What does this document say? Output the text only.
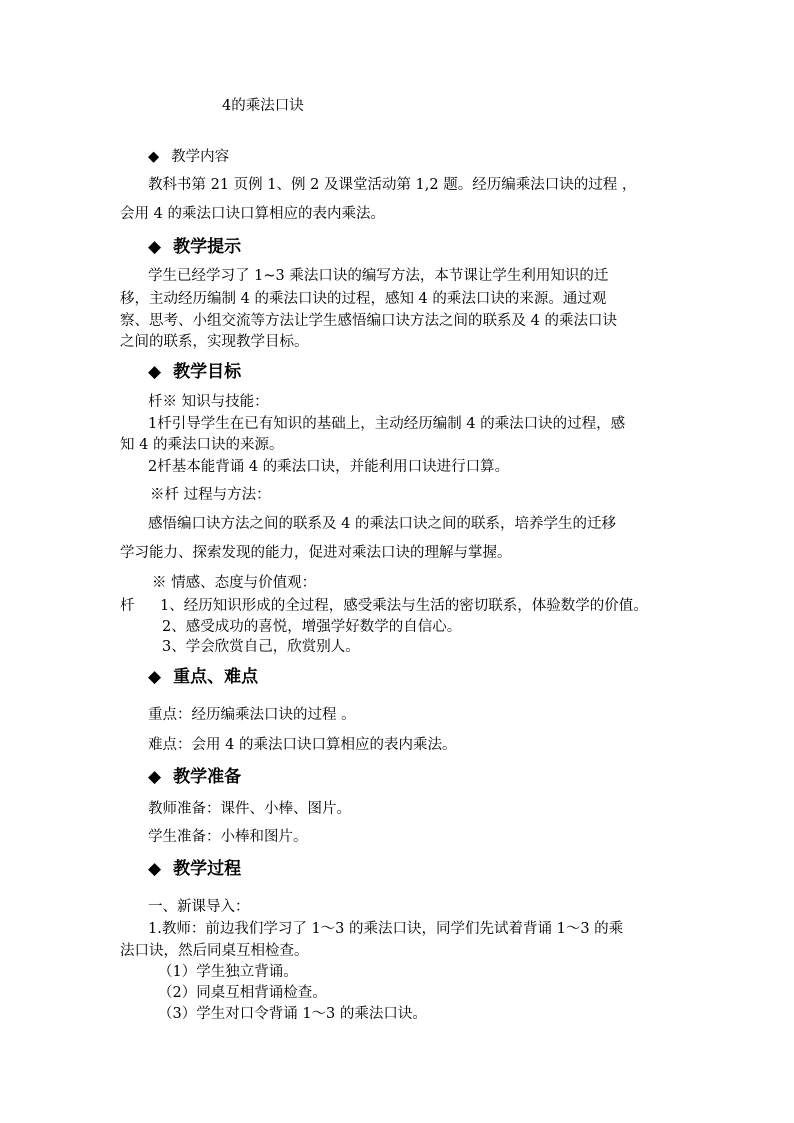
4的乘法口诀
◆ 教学内容
教科书第 21 页例 1、例 2 及课堂活动第 1,2 题。经历编乘法口诀的过程 ，
会用 4 的乘法口诀口算相应的表内乘法。
◆ 教学提示
学生已经学习了 1~3 乘法口诀的编写方法，本节课让学生利用知识的迁
移，主动经历编制 4 的乘法口诀的过程，感知 4 的乘法口诀的来源。通过观
察、思考、小组交流等方法让学生感悟编口诀方法之间的联系及 4 的乘法口诀
之间的联系，实现教学目标。
◆ 教学目标
杄※ 知识与技能：
1杄引导学生在已有知识的基础上，主动经历编制 4 的乘法口诀的过程，感
知 4 的乘法口诀的来源。
2杄基本能背诵 4 的乘法口诀，并能利用口诀进行口算。
※杄 过程与方法：
感悟编口诀方法之间的联系及 4 的乘法口诀之间的联系，培养学生的迁移
学习能力、探索发现的能力，促进对乘法口诀的理解与掌握。
※ 情感、态度与价值观：
杄 1、经历知识形成的全过程，感受乘法与生活的密切联系，体验数学的价值。
2、感受成功的喜悦，增强学好数学的自信心。
3、学会欣赏自己，欣赏别人。
◆ 重点、难点
重点：经历编乘法口诀的过程 。
难点：会用 4 的乘法口诀口算相应的表内乘法。
◆ 教学准备
教师准备：课件、小棒、图片。
学生准备：小棒和图片。
◆ 教学过程
一、新课导入：
1.教师：前边我们学习了 1～3 的乘法口诀，同学们先试着背诵 1～3 的乘
法口诀，然后同桌互相检查。
（1）学生独立背诵。
（2）同桌互相背诵检查。
（3）学生对口令背诵 1～3 的乘法口诀。
